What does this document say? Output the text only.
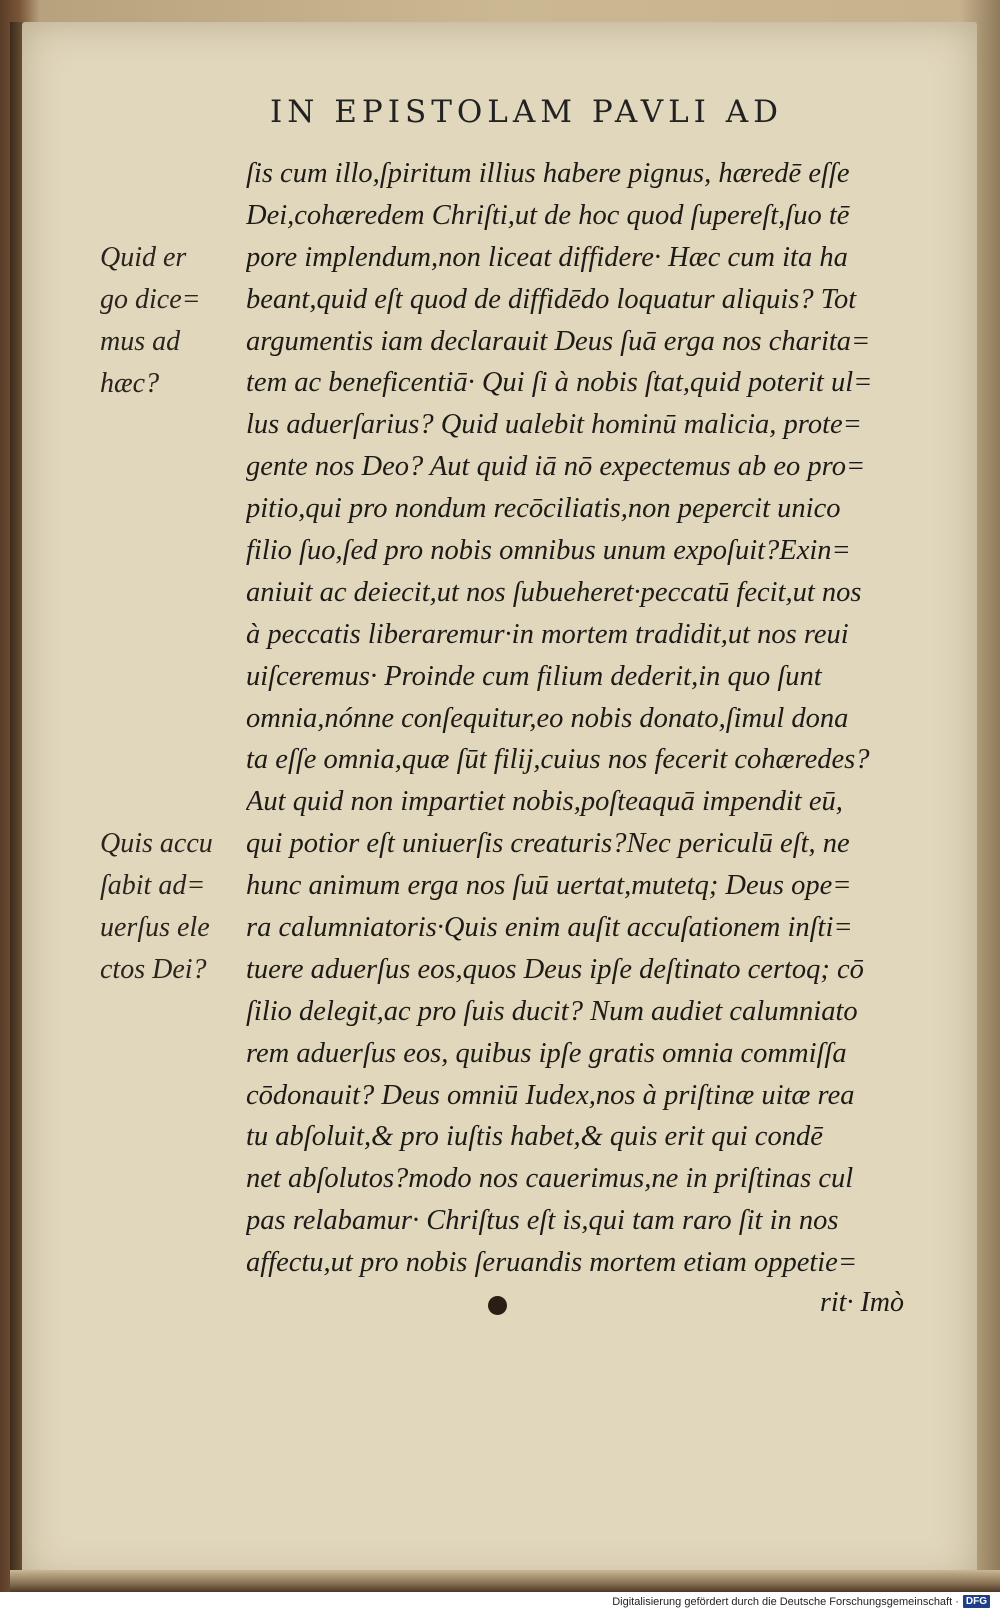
IN EPISTOLAM PAVLI AD
ſis cum illo,ſpiritum illius habere pignus, hæredē eſſe
Dei,cohæredem Chriſti,ut de hoc quod ſupereſt,ſuo tē
pore implendum,non liceat diffidere· Hæc cum ita ha
beant,quid eſt quod de diffidēdo loquatur aliquis? Tot
argumentis iam declarauit Deus ſuā erga nos charita=
tem ac beneficentiā· Qui ſi à nobis ſtat,quid poterit ul=
lus aduerſarius? Quid ualebit hominū malicia, prote=
gente nos Deo? Aut quid iā nō expectemus ab eo pro=
pitio,qui pro nondum recōciliatis,non pepercit unico
filio ſuo,ſed pro nobis omnibus unum expoſuit?Exin=
aniuit ac deiecit,ut nos ſubueheret·peccatū fecit,ut nos
à peccatis liberaremur·in mortem tradidit,ut nos reui
uiſceremus· Proinde cum filium dederit,in quo ſunt
omnia,nónne conſequitur,eo nobis donato,ſimul dona
ta eſſe omnia,quæ ſūt filij,cuius nos fecerit cohæredes?
Aut quid non impartiet nobis,poſteaquā impendit eū,
qui potior eſt uniuerſis creaturis?Nec periculū eſt, ne
hunc animum erga nos ſuū uertat,mutetq; Deus ope=
ra calumniatoris·Quis enim auſit accuſationem inſti=
tuere aduerſus eos,quos Deus ipſe deſtinato certoq; cō
ſilio delegit,ac pro ſuis ducit? Num audiet calumniato
rem aduerſus eos, quibus ipſe gratis omnia commiſſa
cōdonauit? Deus omniū Iudex,nos à priſtinæ uitæ rea
tu abſoluit,& pro iuſtis habet,& quis erit qui condē
net abſolutos?modo nos cauerimus,ne in priſtinas cul
pas relabamur· Chriſtus eſt is,qui tam raro ſit in nos
affectu,ut pro nobis ſeruandis mortem etiam oppetie=
Quid er
go dice=
mus ad
hæc?
Quis accu
ſabit ad=
uerſus ele
ctos Dei?
rit· Imò
Digitalisierung gefördert durch die Deutsche Forschungsgemeinschaft · DFG
